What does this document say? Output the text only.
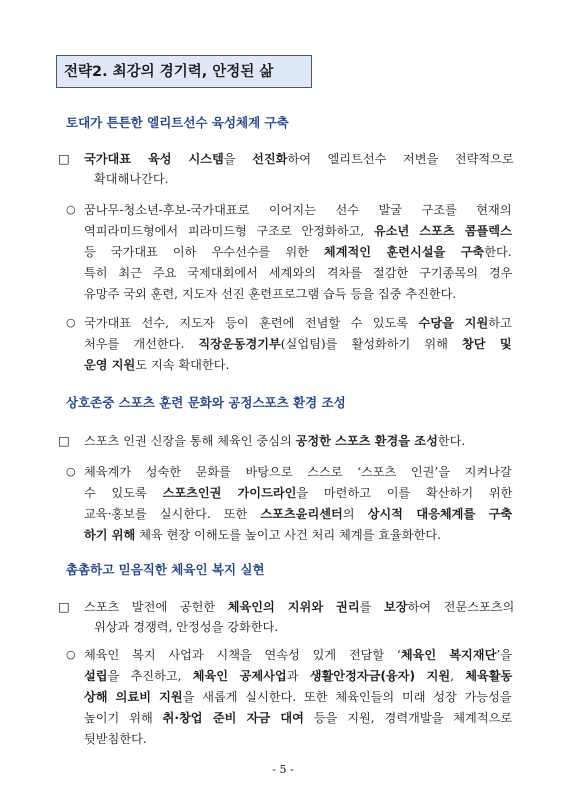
전략2. 최강의 경기력, 안정된 삶
토대가 튼튼한 엘리트선수 육성체계 구축
□ 국가대표 육성 시스템을 선진화하여 엘리트선수 저변을 전략적으로
확대해나간다.
○ 꿈나무-청소년-후보-국가대표로 이어지는 선수 발굴 구조를 현재의
역피라미드형에서 피라미드형 구조로 안정화하고, 유소년 스포츠 콤플렉스
등 국가대표 이하 우수선수를 위한 체계적인 훈련시설을 구축한다.
특히 최근 주요 국제대회에서 세계와의 격차를 절감한 구기종목의 경우
유망주 국외 훈련, 지도자 선진 훈련프로그램 습득 등을 집중 추진한다.
○ 국가대표 선수, 지도자 등이 훈련에 전념할 수 있도록 수당을 지원하고
처우를 개선한다. 직장운동경기부(실업팀)를 활성화하기 위해 창단 및
운영 지원도 지속 확대한다.
상호존중 스포츠 훈련 문화와 공정스포츠 환경 조성
□ 스포츠 인권 신장을 통해 체육인 중심의 공정한 스포츠 환경을 조성한다.
○ 체육계가 성숙한 문화를 바탕으로 스스로 ‘스포츠 인권’을 지켜나갈
수 있도록 스포츠인권 가이드라인을 마련하고 이를 확산하기 위한
교육·홍보를 실시한다. 또한 스포츠윤리센터의 상시적 대응체계를 구축
하기 위해 체육 현장 이해도를 높이고 사건 처리 체계를 효율화한다.
촘촘하고 믿음직한 체육인 복지 실현
□ 스포츠 발전에 공헌한 체육인의 지위와 권리를 보장하여 전문스포츠의
위상과 경쟁력, 안정성을 강화한다.
○ 체육인 복지 사업과 시책을 연속성 있게 전담할 ‘체육인 복지재단’을
설립을 추진하고, 체육인 공제사업과 생활안정자금(융자) 지원, 체육활동
상해 의료비 지원을 새롭게 실시한다. 또한 체육인들의 미래 성장 가능성을
높이기 위해 취·창업 준비 자금 대여 등을 지원, 경력개발을 체계적으로
뒷받침한다.
- 5 -
